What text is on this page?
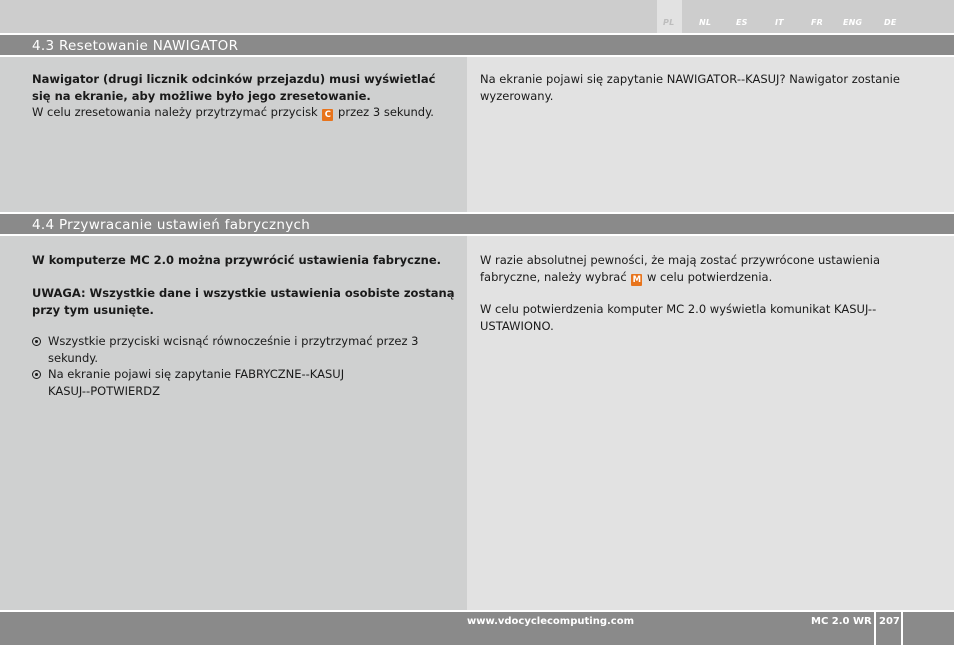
PL	NL	ES	IT	FR ENG	DE
4.3 Resetowanie NAWIGATOR
Nawigator (drugi licznik odcinków przejazdu) musi wyświetlać się na ekranie, aby możliwe było jego zresetowanie.
W celu zresetowania należy przytrzymać przycisk C przez 3 sekundy.
Na ekranie pojawi się zapytanie NAWIGATOR--KASUJ? Nawigator zostanie wyzerowany.
4.4 Przywracanie ustawień fabrycznych
W komputerze MC 2.0 można przywrócić ustawienia fabryczne.
UWAGA: Wszystkie dane i wszystkie ustawienia osobiste zostaną przy tym usunięte.
Wszystkie przyciski wcisnąć równocześnie i przytrzymać przez 3 sekundy.
Na ekranie pojawi się zapytanie FABRYCZNE--KASUJ KASUJ--POTWIERDZ
W razie absolutnej pewności, że mają zostać przywrócone ustawienia fabryczne, należy wybrać M w celu potwierdzenia.
W celu potwierdzenia komputer MC 2.0 wyświetla komunikat KASUJ--USTAWIONO.
www.vdocyclecomputing.com	MC 2.0 WR 207
